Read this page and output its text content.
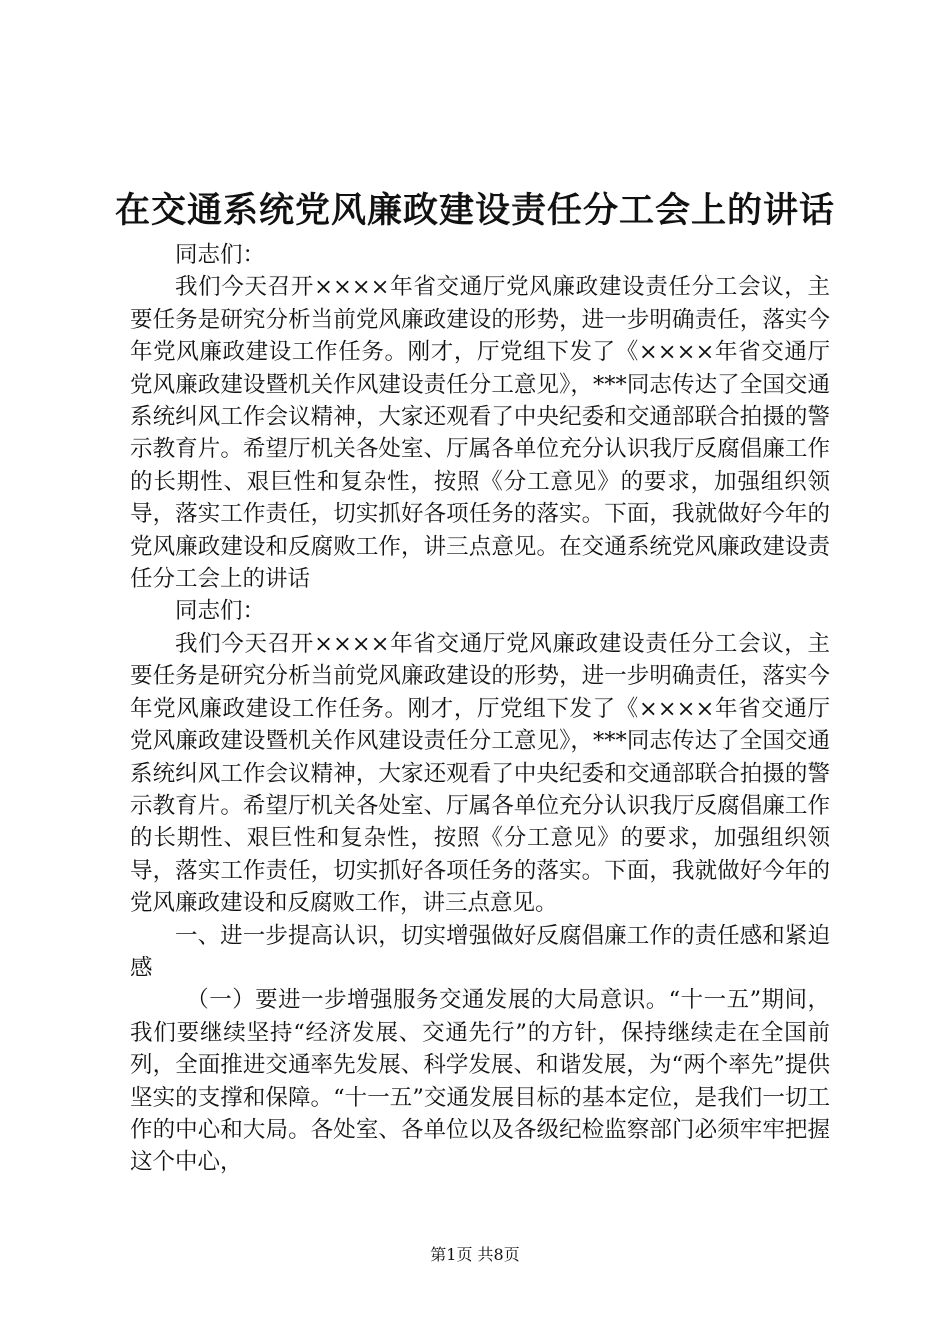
在交通系统党风廉政建设责任分工会上的讲话

同志们：

我们今天召开××××年省交通厅党风廉政建设责任分工会议，主要任务是研究分析当前党风廉政建设的形势，进一步明确责任，落实今年党风廉政建设工作任务。刚才，厅党组下发了《××××年省交通厅党风廉政建设暨机关作风建设责任分工意见》，***同志传达了全国交通系统纠风工作会议精神，大家还观看了中央纪委和交通部联合拍摄的警示教育片。希望厅机关各处室、厅属各单位充分认识我厅反腐倡廉工作的长期性、艰巨性和复杂性，按照《分工意见》的要求，加强组织领导，落实工作责任，切实抓好各项任务的落实。下面，我就做好今年的党风廉政建设和反腐败工作，讲三点意见。在交通系统党风廉政建设责任分工会上的讲话

同志们：

我们今天召开××××年省交通厅党风廉政建设责任分工会议，主要任务是研究分析当前党风廉政建设的形势，进一步明确责任，落实今年党风廉政建设工作任务。刚才，厅党组下发了《××××年省交通厅党风廉政建设暨机关作风建设责任分工意见》，***同志传达了全国交通系统纠风工作会议精神，大家还观看了中央纪委和交通部联合拍摄的警示教育片。希望厅机关各处室、厅属各单位充分认识我厅反腐倡廉工作的长期性、艰巨性和复杂性，按照《分工意见》的要求，加强组织领导，落实工作责任，切实抓好各项任务的落实。下面，我就做好今年的党风廉政建设和反腐败工作，讲三点意见。

一、进一步提高认识，切实增强做好反腐倡廉工作的责任感和紧迫感

（一）要进一步增强服务交通发展的大局意识。“十一五”期间，我们要继续坚持“经济发展、交通先行”的方针，保持继续走在全国前列，全面推进交通率先发展、科学发展、和谐发展，为“两个率先”提供坚实的支撑和保障。“十一五”交通发展目标的基本定位，是我们一切工作的中心和大局。各处室、各单位以及各级纪检监察部门必须牢牢把握这个中心，

第1页 共8页
